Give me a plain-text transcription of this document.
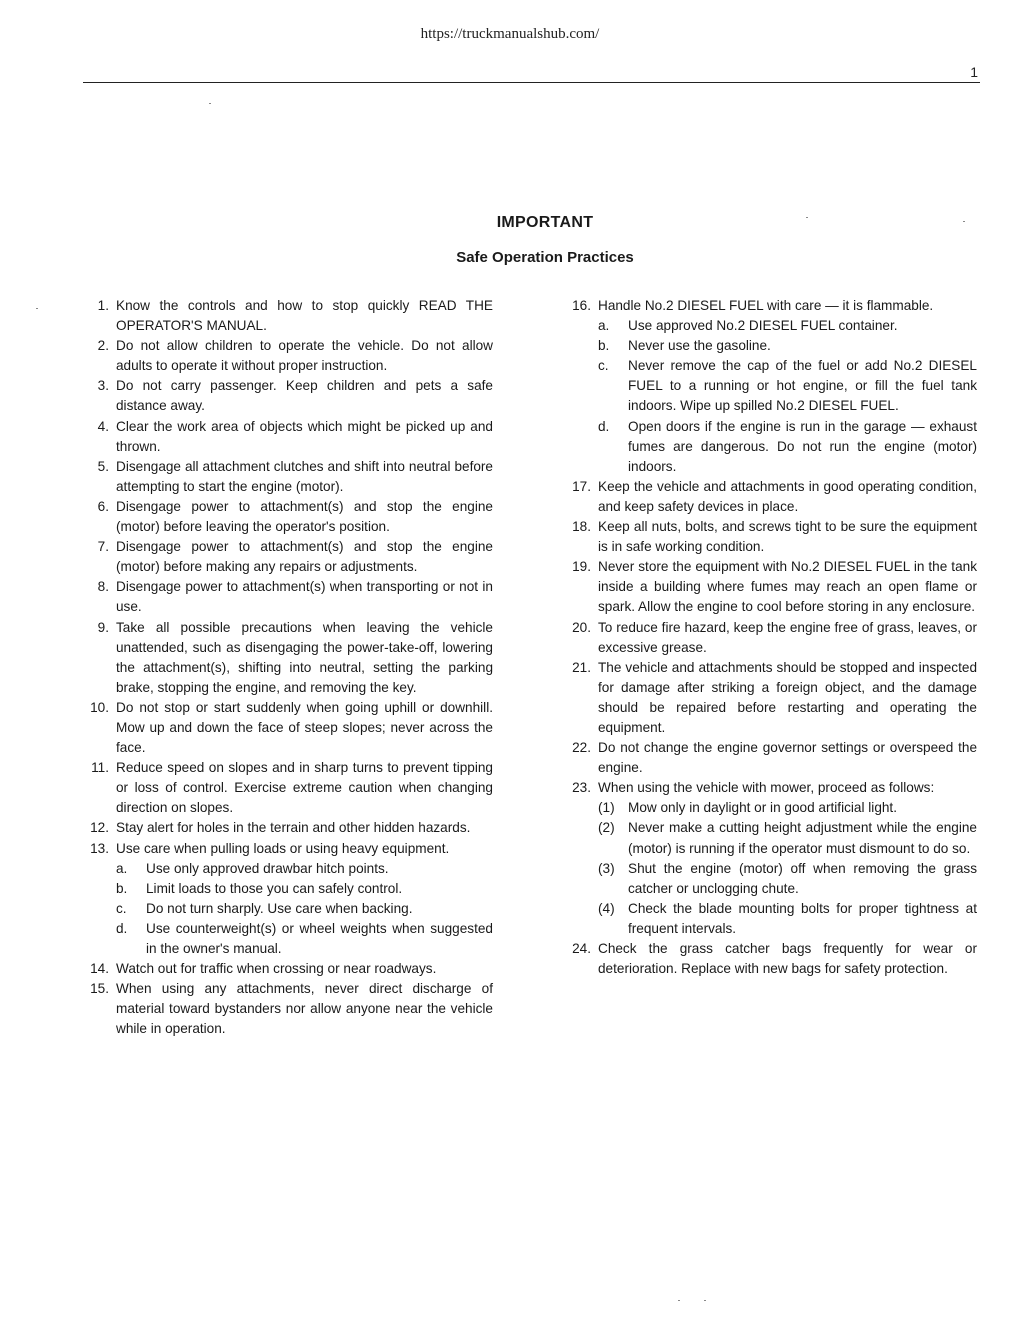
https://truckmanualshub.com/
1
IMPORTANT
Safe Operation Practices
1. Know the controls and how to stop quickly READ THE OPERATOR'S MANUAL.
2. Do not allow children to operate the vehicle. Do not allow adults to operate it without proper instruction.
3. Do not carry passenger. Keep children and pets a safe distance away.
4. Clear the work area of objects which might be picked up and thrown.
5. Disengage all attachment clutches and shift into neutral before attempting to start the engine (motor).
6. Disengage power to attachment(s) and stop the engine (motor) before leaving the operator's position.
7. Disengage power to attachment(s) and stop the engine (motor) before making any repairs or adjustments.
8. Disengage power to attachment(s) when transporting or not in use.
9. Take all possible precautions when leaving the vehicle unattended, such as disengaging the power-take-off, lowering the attachment(s), shifting into neutral, setting the parking brake, stopping the engine, and removing the key.
10. Do not stop or start suddenly when going uphill or downhill. Mow up and down the face of steep slopes; never across the face.
11. Reduce speed on slopes and in sharp turns to prevent tipping or loss of control. Exercise extreme caution when changing direction on slopes.
12. Stay alert for holes in the terrain and other hidden hazards.
13. Use care when pulling loads or using heavy equipment.
a.	Use only approved drawbar hitch points.
b.	Limit loads to those you can safely control.
c.	Do not turn sharply. Use care when backing.
d.	Use counterweight(s) or wheel weights when suggested in the owner's manual.
14. Watch out for traffic when crossing or near roadways.
15. When using any attachments, never direct discharge of material toward bystanders nor allow anyone near the vehicle while in operation.
16. Handle No.2 DIESEL FUEL with care — it is flammable.
a.	Use approved No.2 DIESEL FUEL container.
b.	Never use the gasoline.
c.	Never remove the cap of the fuel or add No.2 DIESEL FUEL to a running or hot engine, or fill the fuel tank indoors. Wipe up spilled No.2 DIESEL FUEL.
d.	Open doors if the engine is run in the garage — exhaust fumes are dangerous. Do not run the engine (motor) indoors.
17. Keep the vehicle and attachments in good operating condition, and keep safety devices in place.
18. Keep all nuts, bolts, and screws tight to be sure the equipment is in safe working condition.
19. Never store the equipment with No.2 DIESEL FUEL in the tank inside a building where fumes may reach an open flame or spark. Allow the engine to cool before storing in any enclosure.
20. To reduce fire hazard, keep the engine free of grass, leaves, or excessive grease.
21. The vehicle and attachments should be stopped and inspected for damage after striking a foreign object, and the damage should be repaired before restarting and operating the equipment.
22. Do not change the engine governor settings or overspeed the engine.
23. When using the vehicle with mower, proceed as follows:
(1) Mow only in daylight or in good artificial light.
(2) Never make a cutting height adjustment while the engine (motor) is running if the operator must dismount to do so.
(3) Shut the engine (motor) off when removing the grass catcher or unclogging chute.
(4) Check the blade mounting bolts for proper tightness at frequent intervals.
24. Check the grass catcher bags frequently for wear or deterioration. Replace with new bags for safety protection.
